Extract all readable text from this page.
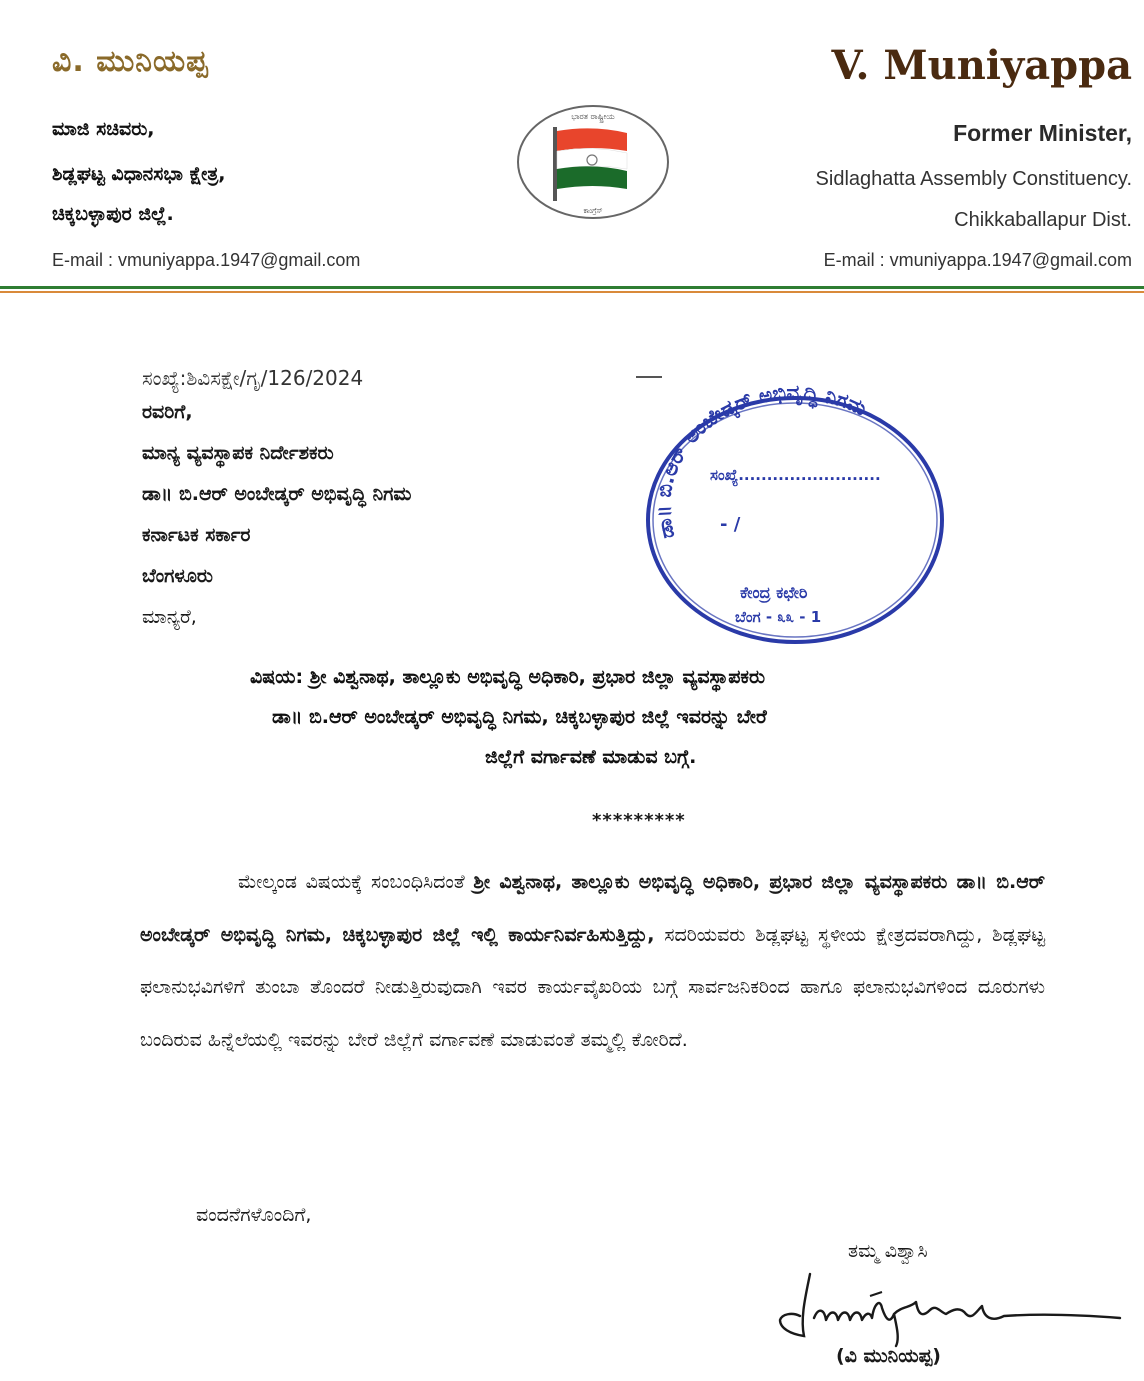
ವಿ. ಮುನಿಯಪ್ಪ
ಮಾಜಿ ಸಚಿವರು,
ಶಿಡ್ಲಘಟ್ಟ ವಿಧಾನಸಭಾ ಕ್ಷೇತ್ರ,
ಚಿಕ್ಕಬಳ್ಳಾಪುರ ಜಿಲ್ಲೆ.
E-mail : vmuniyappa.1947@gmail.com
V. Muniyappa
Former Minister,
Sidlaghatta Assembly Constituency.
Chikkaballapur Dist.
E-mail : vmuniyappa.1947@gmail.com
ಭಾರತ ರಾಷ್ಟ್ರೀಯ
ಕಾಂಗ್ರೆಸ್
ಸಂಖ್ಯೆ:ಶಿವಿಸಕ್ಷೇ/ಗೃ/126/2024
ರವರಿಗೆ,
ಮಾನ್ಯ ವ್ಯವಸ್ಥಾಪಕ ನಿರ್ದೇಶಕರು
ಡಾ॥ ಬಿ.ಆರ್ ಅಂಬೇಡ್ಕರ್ ಅಭಿವೃದ್ಧಿ ನಿಗಮ
ಕರ್ನಾಟಕ ಸರ್ಕಾರ
ಬೆಂಗಳೂರು
ಮಾನ್ಯರೆ,
ಡಾ॥ ಬಿ.ಆರ್ ಅಂಬೇಡ್ಕರ್ ಅಭಿವೃದ್ಧಿ ನಿಗಮ
ಸಂಖ್ಯೆ.........................
- /
ಕೇಂದ್ರ ಕಛೇರಿ
ಬೆಂಗ - ೩೩ - 1
ವಿಷಯ: ಶ್ರೀ ವಿಶ್ವನಾಥ, ತಾಲ್ಲೂಕು ಅಭಿವೃದ್ಧಿ ಅಧಿಕಾರಿ, ಪ್ರಭಾರ ಜಿಲ್ಲಾ ವ್ಯವಸ್ಥಾಪಕರು
ಡಾ॥ ಬಿ.ಆರ್ ಅಂಬೇಡ್ಕರ್ ಅಭಿವೃದ್ಧಿ ನಿಗಮ, ಚಿಕ್ಕಬಳ್ಳಾಪುರ ಜಿಲ್ಲೆ ಇವರನ್ನು ಬೇರೆ
ಜಿಲ್ಲೆಗೆ ವರ್ಗಾವಣೆ ಮಾಡುವ ಬಗ್ಗೆ.
*********
ಮೇಲ್ಕಂಡ ವಿಷಯಕ್ಕೆ ಸಂಬಂಧಿಸಿದಂತೆ ಶ್ರೀ ವಿಶ್ವನಾಥ, ತಾಲ್ಲೂಕು ಅಭಿವೃದ್ಧಿ ಅಧಿಕಾರಿ, ಪ್ರಭಾರ ಜಿಲ್ಲಾ ವ್ಯವಸ್ಥಾಪಕರು ಡಾ॥ ಬಿ.ಆರ್ ಅಂಬೇಡ್ಕರ್ ಅಭಿವೃದ್ಧಿ ನಿಗಮ, ಚಿಕ್ಕಬಳ್ಳಾಪುರ ಜಿಲ್ಲೆ ಇಲ್ಲಿ ಕಾರ್ಯನಿರ್ವಹಿಸುತ್ತಿದ್ದು, ಸದರಿಯವರು ಶಿಡ್ಲಘಟ್ಟ ಸ್ಥಳೀಯ ಕ್ಷೇತ್ರದವರಾಗಿದ್ದು, ಶಿಡ್ಲಘಟ್ಟ ಫಲಾನುಭವಿಗಳಿಗೆ ತುಂಬಾ ತೊಂದರೆ ನೀಡುತ್ತಿರುವುದಾಗಿ ಇವರ ಕಾರ್ಯವೈಖರಿಯ ಬಗ್ಗೆ ಸಾರ್ವಜನಿಕರಿಂದ ಹಾಗೂ ಫಲಾನುಭವಿಗಳಿಂದ ದೂರುಗಳು ಬಂದಿರುವ ಹಿನ್ನೆಲೆಯಲ್ಲಿ ಇವರನ್ನು ಬೇರೆ ಜಿಲ್ಲೆಗೆ ವರ್ಗಾವಣೆ ಮಾಡುವಂತೆ ತಮ್ಮಲ್ಲಿ ಕೋರಿದೆ.
ವಂದನೆಗಳೊಂದಿಗೆ,
ತಮ್ಮ ವಿಶ್ವಾಸಿ
(ವಿ ಮುನಿಯಪ್ಪ)
